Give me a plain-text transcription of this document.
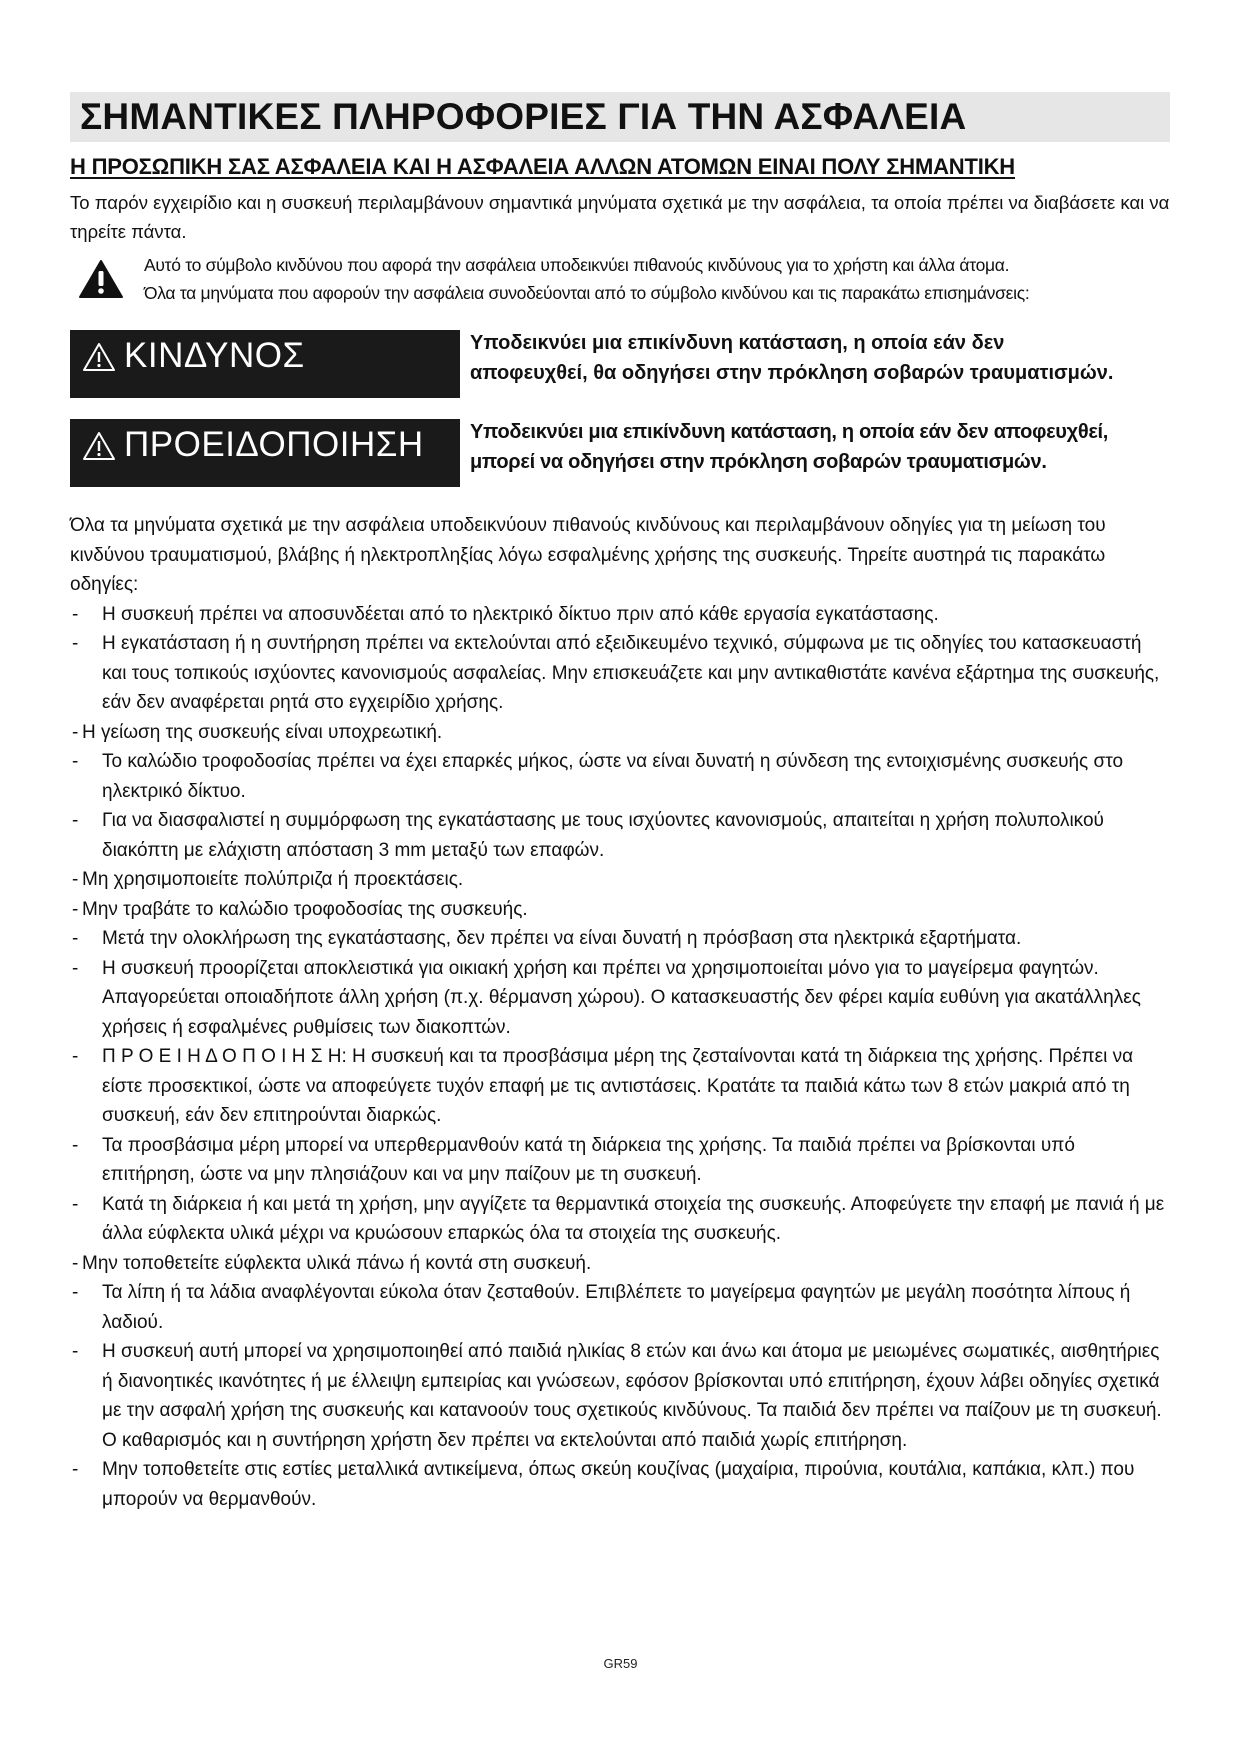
ΣΗΜΑΝΤΙΚΕΣ ΠΛΗΡΟΦΟΡΙΕΣ ΓΙΑ ΤΗΝ ΑΣΦΑΛΕΙΑ
Η ΠΡΟΣΩΠΙΚΗ ΣΑΣ ΑΣΦΑΛΕΙΑ ΚΑΙ Η ΑΣΦΑΛΕΙΑ ΑΛΛΩΝ ΑΤΟΜΩΝ ΕΙΝΑΙ ΠΟΛΥ ΣΗΜΑΝΤΙΚΗ
Το παρόν εγχειρίδιο και η συσκευή περιλαμβάνουν σημαντικά μηνύματα σχετικά με την ασφάλεια, τα οποία πρέπει να διαβάσετε και να τηρείτε πάντα.
Αυτό το σύμβολο κινδύνου που αφορά την ασφάλεια υποδεικνύει πιθανούς κινδύνους για το χρήστη και άλλα άτομα.
Όλα τα μηνύματα που αφορούν την ασφάλεια συνοδεύονται από το σύμβολο κινδύνου και τις παρακάτω επισημάνσεις:
ΚΙΝΔΥΝΟΣ	Υποδεικνύει μια επικίνδυνη κατάσταση, η οποία εάν δεν
αποφευχθεί, θα οδηγήσει στην πρόκληση σοβαρών τραυματισμών.
ΠΡΟΕΙΔΟΠΟΙΗΣΗ Υποδεικνύει μια επικίνδυνη κατάσταση, η οποία εάν δεν αποφευχθεί,
μπορεί να οδηγήσει στην πρόκληση σοβαρών τραυματισμών.
Όλα τα μηνύματα σχετικά με την ασφάλεια υποδεικνύουν πιθανούς κινδύνους και περιλαμβάνουν οδηγίες για τη μείωση του κινδύνου τραυματισμού, βλάβης ή ηλεκτροπληξίας λόγω εσφαλμένης χρήσης της συσκευής. Τηρείτε αυστηρά τις παρακάτω οδηγίες:
-	Η συσκευή πρέπει να αποσυνδέεται από το ηλεκτρικό δίκτυο πριν από κάθε εργασία εγκατάστασης.
-	Η εγκατάσταση ή η συντήρηση πρέπει να εκτελούνται από εξειδικευμένο τεχνικό, σύμφωνα με τις οδηγίες του κατασκευαστή και τους τοπικούς ισχύοντες κανονισμούς ασφαλείας. Μην επισκευάζετε και μην αντικαθιστάτε κανένα εξάρτημα της συσκευής, εάν δεν αναφέρεται ρητά στο εγχειρίδιο χρήσης.
- Η γείωση της συσκευής είναι υποχρεωτική.
-	Το καλώδιο τροφοδοσίας πρέπει να έχει επαρκές μήκος, ώστε να είναι δυνατή η σύνδεση της εντοιχισμένης συσκευής στο ηλεκτρικό δίκτυο.
-	Για να διασφαλιστεί η συμμόρφωση της εγκατάστασης με τους ισχύοντες κανονισμούς, απαιτείται η χρήση πολυπολικού διακόπτη με ελάχιστη απόσταση 3 mm μεταξύ των επαφών.
- Μη χρησιμοποιείτε πολύπριζα ή προεκτάσεις.
- Μην τραβάτε το καλώδιο τροφοδοσίας της συσκευής.
-	Μετά την ολοκλήρωση της εγκατάστασης, δεν πρέπει να είναι δυνατή η πρόσβαση στα ηλεκτρικά εξαρτήματα.
-	Η συσκευή προορίζεται αποκλειστικά για οικιακή χρήση και πρέπει να χρησιμοποιείται μόνο για το μαγείρεμα φαγητών. Απαγορεύεται οποιαδήποτε άλλη χρήση (π.χ. θέρμανση χώρου). Ο κατασκευαστής δεν φέρει καμία ευθύνη για ακατάλληλες χρήσεις ή εσφαλμένες ρυθμίσεις των διακοπτών.
-	Π Ρ Ο Ε Ι Η Δ Ο Π Ο Ι Η Σ Η: Η συσκευή και τα προσβάσιμα μέρη της ζεσταίνονται κατά τη διάρκεια της χρήσης. Πρέπει να είστε προσεκτικοί, ώστε να αποφεύγετε τυχόν επαφή με τις αντιστάσεις. Κρατάτε τα παιδιά κάτω των 8 ετών μακριά από τη συσκευή, εάν δεν επιτηρούνται διαρκώς.
-	Τα προσβάσιμα μέρη μπορεί να υπερθερμανθούν κατά τη διάρκεια της χρήσης. Τα παιδιά πρέπει να βρίσκονται υπό επιτήρηση, ώστε να μην πλησιάζουν και να μην παίζουν με τη συσκευή.
-	Κατά τη διάρκεια ή και μετά τη χρήση, μην αγγίζετε τα θερμαντικά στοιχεία της συσκευής. Αποφεύγετε την επαφή με πανιά ή με άλλα εύφλεκτα υλικά μέχρι να κρυώσουν επαρκώς όλα τα στοιχεία της συσκευής.
- Μην τοποθετείτε εύφλεκτα υλικά πάνω ή κοντά στη συσκευή.
-	Τα λίπη ή τα λάδια αναφλέγονται εύκολα όταν ζεσταθούν. Επιβλέπετε το μαγείρεμα φαγητών με μεγάλη ποσότητα λίπους ή λαδιού.
-	Η συσκευή αυτή μπορεί να χρησιμοποιηθεί από παιδιά ηλικίας 8 ετών και άνω και άτομα με μειωμένες σωματικές, αισθητήριες ή διανοητικές ικανότητες ή με έλλειψη εμπειρίας και γνώσεων, εφόσον βρίσκονται υπό επιτήρηση, έχουν λάβει οδηγίες σχετικά με την ασφαλή χρήση της συσκευής και κατανοούν τους σχετικούς κινδύνους. Τα παιδιά δεν πρέπει να παίζουν με τη συσκευή. Ο καθαρισμός και η συντήρηση χρήστη δεν πρέπει να εκτελούνται από παιδιά χωρίς επιτήρηση.
-	Μην τοποθετείτε στις εστίες μεταλλικά αντικείμενα, όπως σκεύη κουζίνας (μαχαίρια, πιρούνια, κουτάλια, καπάκια, κλπ.) που μπορούν να θερμανθούν.
GR59
